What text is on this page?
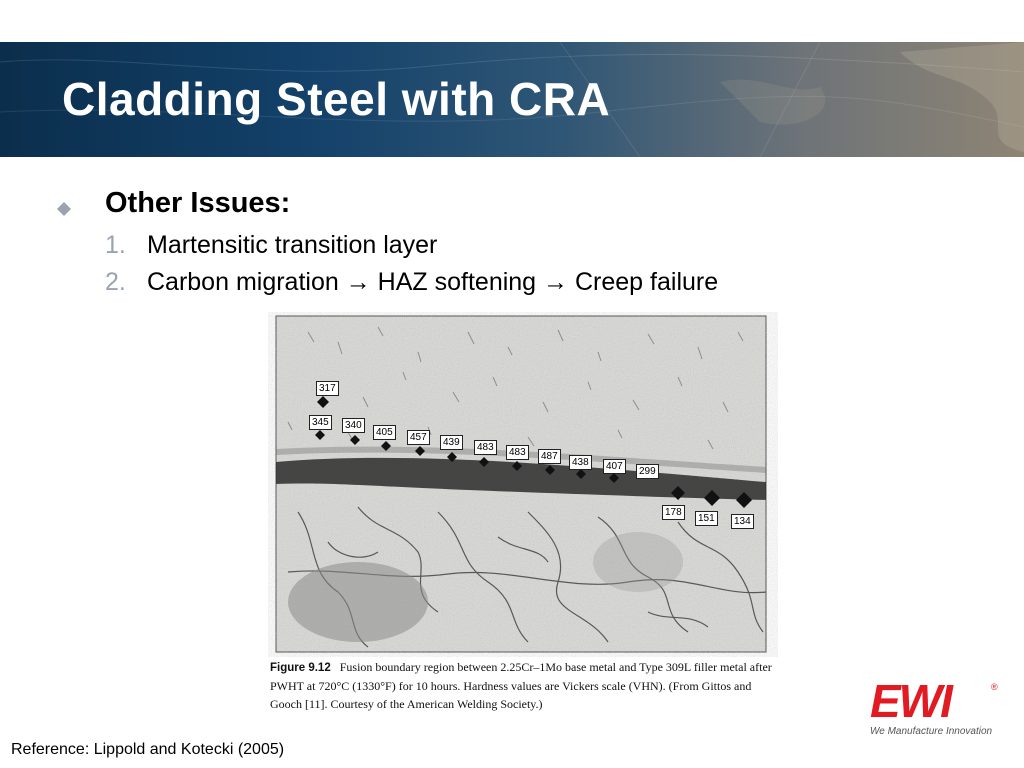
Cladding Steel with CRA
Other Issues:
1. Martensitic transition layer
2. Carbon migration → HAZ softening → Creep failure
317
345	340
405	457	439	483	483	487
438	407	299
178
151	134
Figure 9.12 Fusion boundary region between 2.25Cr–1Mo base metal and Type 309L filler metal after PWHT at 720°C (1330°F) for 10 hours. Hardness values are Vickers scale (VHN). (From Gittos and Gooch [11]. Courtesy of the American Welding Society.)	EWI	®
We Manufacture Innovation
Reference: Lippold and Kotecki (2005)
